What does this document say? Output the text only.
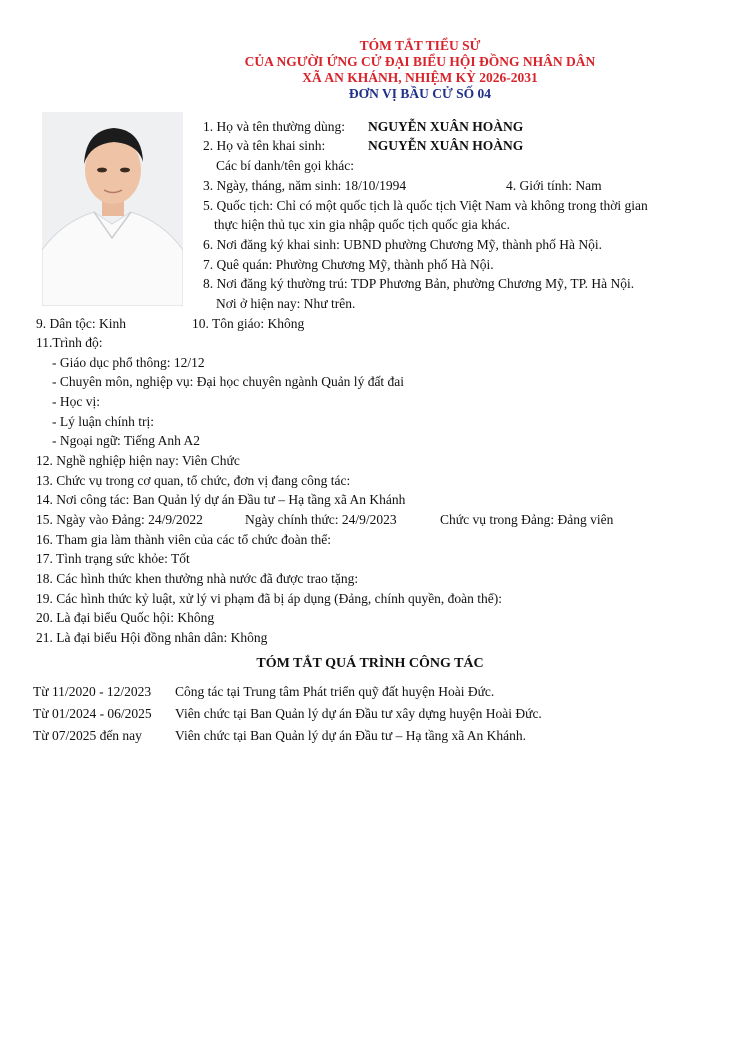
TÓM TẮT TIỂU SỬ
CỦA NGƯỜI ỨNG CỬ ĐẠI BIỂU HỘI ĐỒNG NHÂN DÂN
XÃ AN KHÁNH, NHIỆM KỲ 2026-2031
ĐƠN VỊ BẦU CỬ SỐ 04
1. Họ và tên thường dùng: NGUYỄN XUÂN HOÀNG
2. Họ và tên khai sinh:	NGUYỄN XUÂN HOÀNG
Các bí danh/tên gọi khác:
3. Ngày, tháng, năm sinh: 18/10/1994	4. Giới tính: Nam
5. Quốc tịch: Chỉ có một quốc tịch là quốc tịch Việt Nam và không trong thời gian
thực hiện thủ tục xin gia nhập quốc tịch quốc gia khác.
6. Nơi đăng ký khai sinh: UBND phường Chương Mỹ, thành phố Hà Nội.
7. Quê quán: Phường Chương Mỹ, thành phố Hà Nội.
8. Nơi đăng ký thường trú: TDP Phương Bản, phường Chương Mỹ, TP. Hà Nội.
Nơi ở hiện nay: Như trên.
9. Dân tộc: Kinh	10. Tôn giáo: Không
11.Trình độ:
- Giáo dục phổ thông: 12/12
- Chuyên môn, nghiệp vụ: Đại học chuyên ngành Quản lý đất đai
- Học vị:
- Lý luận chính trị:
- Ngoại ngữ: Tiếng Anh A2
12. Nghề nghiệp hiện nay: Viên Chức
13. Chức vụ trong cơ quan, tổ chức, đơn vị đang công tác:
14. Nơi công tác: Ban Quản lý dự án Đầu tư – Hạ tầng xã An Khánh
15. Ngày vào Đảng: 24/9/2022	Ngày chính thức: 24/9/2023	Chức vụ trong Đảng: Đảng viên
16. Tham gia làm thành viên của các tổ chức đoàn thể:
17. Tình trạng sức khỏe: Tốt
18. Các hình thức khen thưởng nhà nước đã được trao tặng:
19. Các hình thức kỷ luật, xử lý vi phạm đã bị áp dụng (Đảng, chính quyền, đoàn thể):
20. Là đại biểu Quốc hội: Không
21. Là đại biểu Hội đồng nhân dân: Không
TÓM TẮT QUÁ TRÌNH CÔNG TÁC
Từ 11/2020 - 12/2023 Công tác tại Trung tâm Phát triển quỹ đất huyện Hoài Đức.
Từ 01/2024 - 06/2025 Viên chức tại Ban Quản lý dự án Đầu tư xây dựng huyện Hoài Đức.
Từ 07/2025 đến nay Viên chức tại Ban Quản lý dự án Đầu tư – Hạ tầng xã An Khánh.
